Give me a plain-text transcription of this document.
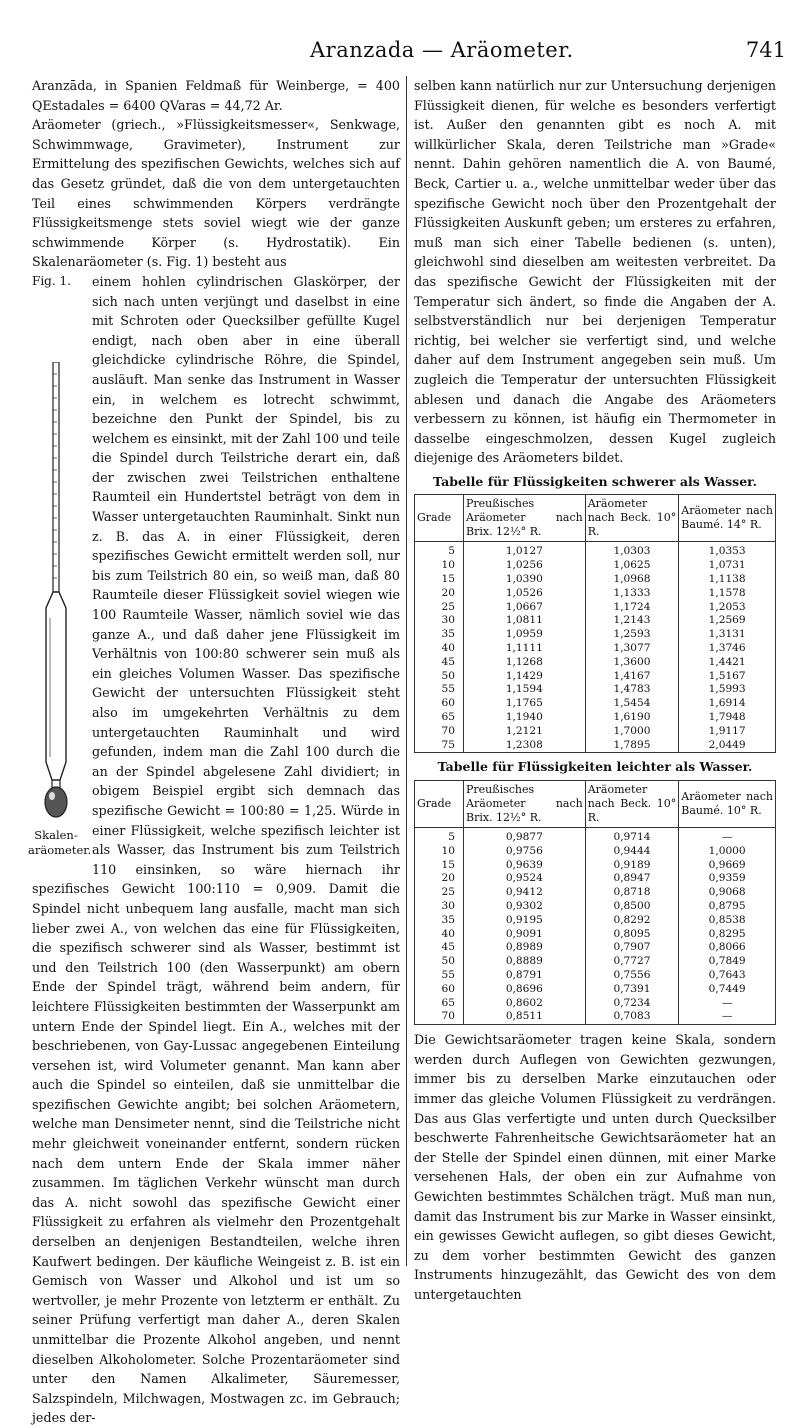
Aranzada — Aräometer.	741

Aranzāda, in Spanien Feldmaß für Weinberge, = 400 QEstadales = 6400 QVaras = 44,72 Ar.

Aräometer (griech., »Flüssigkeitsmesser«, Senkwage, Schwimmwage, Gravimeter), Instrument zur Ermittelung des spezifischen Gewichts, welches sich auf das Gesetz gründet, daß die von dem untergetauchten Teil eines schwimmenden Körpers verdrängte Flüssigkeitsmenge stets soviel wiegt wie der ganze schwimmende Körper (s. Hydrostatik). Ein Skalenaräometer (s. Fig. 1) besteht aus

Fig. 1.
Skalen-aräometer.

einem hohlen cylindrischen Glaskörper, der sich nach unten verjüngt und daselbst in eine mit Schroten oder Quecksilber gefüllte Kugel endigt, nach oben aber in eine überall gleichdicke cylindrische Röhre, die Spindel, ausläuft. Man senke das Instrument in Wasser ein, in welchem es lotrecht schwimmt, bezeichne den Punkt der Spindel, bis zu welchem es einsinkt, mit der Zahl 100 und teile die Spindel durch Teilstriche derart ein, daß der zwischen zwei Teilstrichen enthaltene Raumteil ein Hundertstel beträgt von dem in Wasser untergetauchten Rauminhalt. Sinkt nun z. B. das A. in einer Flüssigkeit, deren spezifisches Gewicht ermittelt werden soll, nur bis zum Teilstrich 80 ein, so weiß man, daß 80 Raumteile dieser Flüssigkeit soviel wiegen wie 100 Raumteile Wasser, nämlich soviel wie das ganze A., und daß daher jene Flüssigkeit im Verhältnis von 100:80 schwerer sein muß als ein gleiches Volumen Wasser. Das spezifische Gewicht der untersuchten Flüssigkeit steht also im umgekehrten Verhältnis zu dem untergetauchten Rauminhalt und wird gefunden, indem man die Zahl 100 durch die an der Spindel abgelesene Zahl dividiert; in obigem Beispiel ergibt sich demnach das spezifische Gewicht = 100:80 = 1,25. Würde in einer Flüssigkeit, welche spezifisch leichter ist als Wasser, das Instrument bis zum Teilstrich 110 einsinken, so wäre hiernach ihr spezifisches Gewicht 100:110 = 0,909. Damit die Spindel nicht unbequem lang ausfalle, macht man sich lieber zwei A., von welchen das eine für Flüssigkeiten, die spezifisch schwerer sind als Wasser, bestimmt ist und den Teilstrich 100 (den Wasserpunkt) am obern Ende der Spindel trägt, während beim andern, für leichtere Flüssigkeiten bestimmten der Wasserpunkt am untern Ende der Spindel liegt. Ein A., welches mit der beschriebenen, von Gay-Lussac angegebenen Einteilung versehen ist, wird Volumeter genannt. Man kann aber auch die Spindel so einteilen, daß sie unmittelbar die spezifischen Gewichte angibt; bei solchen Aräometern, welche man Densimeter nennt, sind die Teilstriche nicht mehr gleichweit voneinander entfernt, sondern rücken nach dem untern Ende der Skala immer näher zusammen. Im täglichen Verkehr wünscht man durch das A. nicht sowohl das spezifische Gewicht einer Flüssigkeit zu erfahren als vielmehr den Prozentgehalt derselben an denjenigen Bestandteilen, welche ihren Kaufwert bedingen. Der käufliche Weingeist z. B. ist ein Gemisch von Wasser und Alkohol und ist um so wertvoller, je mehr Prozente von letzterm er enthält. Zu seiner Prüfung verfertigt man daher A., deren Skalen unmittelbar die Prozente Alkohol angeben, und nennt dieselben Alkoholometer. Solche Prozentaräometer sind unter den Namen Alkalimeter, Säuremesser, Salzspindeln, Milchwagen, Mostwagen zc. im Gebrauch; jedes der-

selben kann natürlich nur zur Untersuchung derjenigen Flüssigkeit dienen, für welche es besonders verfertigt ist. Außer den genannten gibt es noch A. mit willkürlicher Skala, deren Teilstriche man »Grade« nennt. Dahin gehören namentlich die A. von Baumé, Beck, Cartier u. a., welche unmittelbar weder über das spezifische Gewicht noch über den Prozentgehalt der Flüssigkeiten Auskunft geben; um ersteres zu erfahren, muß man sich einer Tabelle bedienen (s. unten), gleichwohl sind dieselben am weitesten verbreitet. Da das spezifische Gewicht der Flüssigkeiten mit der Temperatur sich ändert, so finde die Angaben der A. selbstverständlich nur bei derjenigen Temperatur richtig, bei welcher sie verfertigt sind, und welche daher auf dem Instrument angegeben sein muß. Um zugleich die Temperatur der untersuchten Flüssigkeit ablesen und danach die Angabe des Aräometers verbessern zu können, ist häufig ein Thermometer in dasselbe eingeschmolzen, dessen Kugel zugleich diejenige des Aräometers bildet.

Tabelle für Flüssigkeiten schwerer als Wasser.
Grade	Preußisches Aräometer nach Brix. 12½° R.	Aräometer nach Beck. 10° R.	Aräometer nach Baumé. 14° R.
5	1,0127	1,0303	1,0353
10	1,0256	1,0625	1,0731
15	1,0390	1,0968	1,1138
20	1,0526	1,1333	1,1578
25	1,0667	1,1724	1,2053
30	1,0811	1,2143	1,2569
35	1,0959	1,2593	1,3131
40	1,1111	1,3077	1,3746
45	1,1268	1,3600	1,4421
50	1,1429	1,4167	1,5167
55	1,1594	1,4783	1,5993
60	1,1765	1,5454	1,6914
65	1,1940	1,6190	1,7948
70	1,2121	1,7000	1,9117
75	1,2308	1,7895	2,0449
Tabelle für Flüssigkeiten leichter als Wasser.
Grade	Preußisches Aräometer nach Brix. 12½° R.	Aräometer nach Beck. 10° R.	Aräometer nach Baumé. 10° R.
5	0,9877	0,9714	—
10	0,9756	0,9444	1,0000
15	0,9639	0,9189	0,9669
20	0,9524	0,8947	0,9359
25	0,9412	0,8718	0,9068
30	0,9302	0,8500	0,8795
35	0,9195	0,8292	0,8538
40	0,9091	0,8095	0,8295
45	0,8989	0,7907	0,8066
50	0,8889	0,7727	0,7849
55	0,8791	0,7556	0,7643
60	0,8696	0,7391	0,7449
65	0,8602	0,7234	—
70	0,8511	0,7083	—

Die Gewichtsaräometer tragen keine Skala, sondern werden durch Auflegen von Gewichten gezwungen, immer bis zu derselben Marke einzutauchen oder immer das gleiche Volumen Flüssigkeit zu verdrängen. Das aus Glas verfertigte und unten durch Quecksilber beschwerte Fahrenheitsche Gewichtsaräometer hat an der Stelle der Spindel einen dünnen, mit einer Marke versehenen Hals, der oben ein zur Aufnahme von Gewichten bestimmtes Schälchen trägt. Muß man nun, damit das Instrument bis zur Marke in Wasser einsinkt, ein gewisses Gewicht auflegen, so gibt dieses Gewicht, zu dem vorher bestimmten Gewicht des ganzen Instruments hinzugezählt, das Gewicht des von dem untergetauchten
